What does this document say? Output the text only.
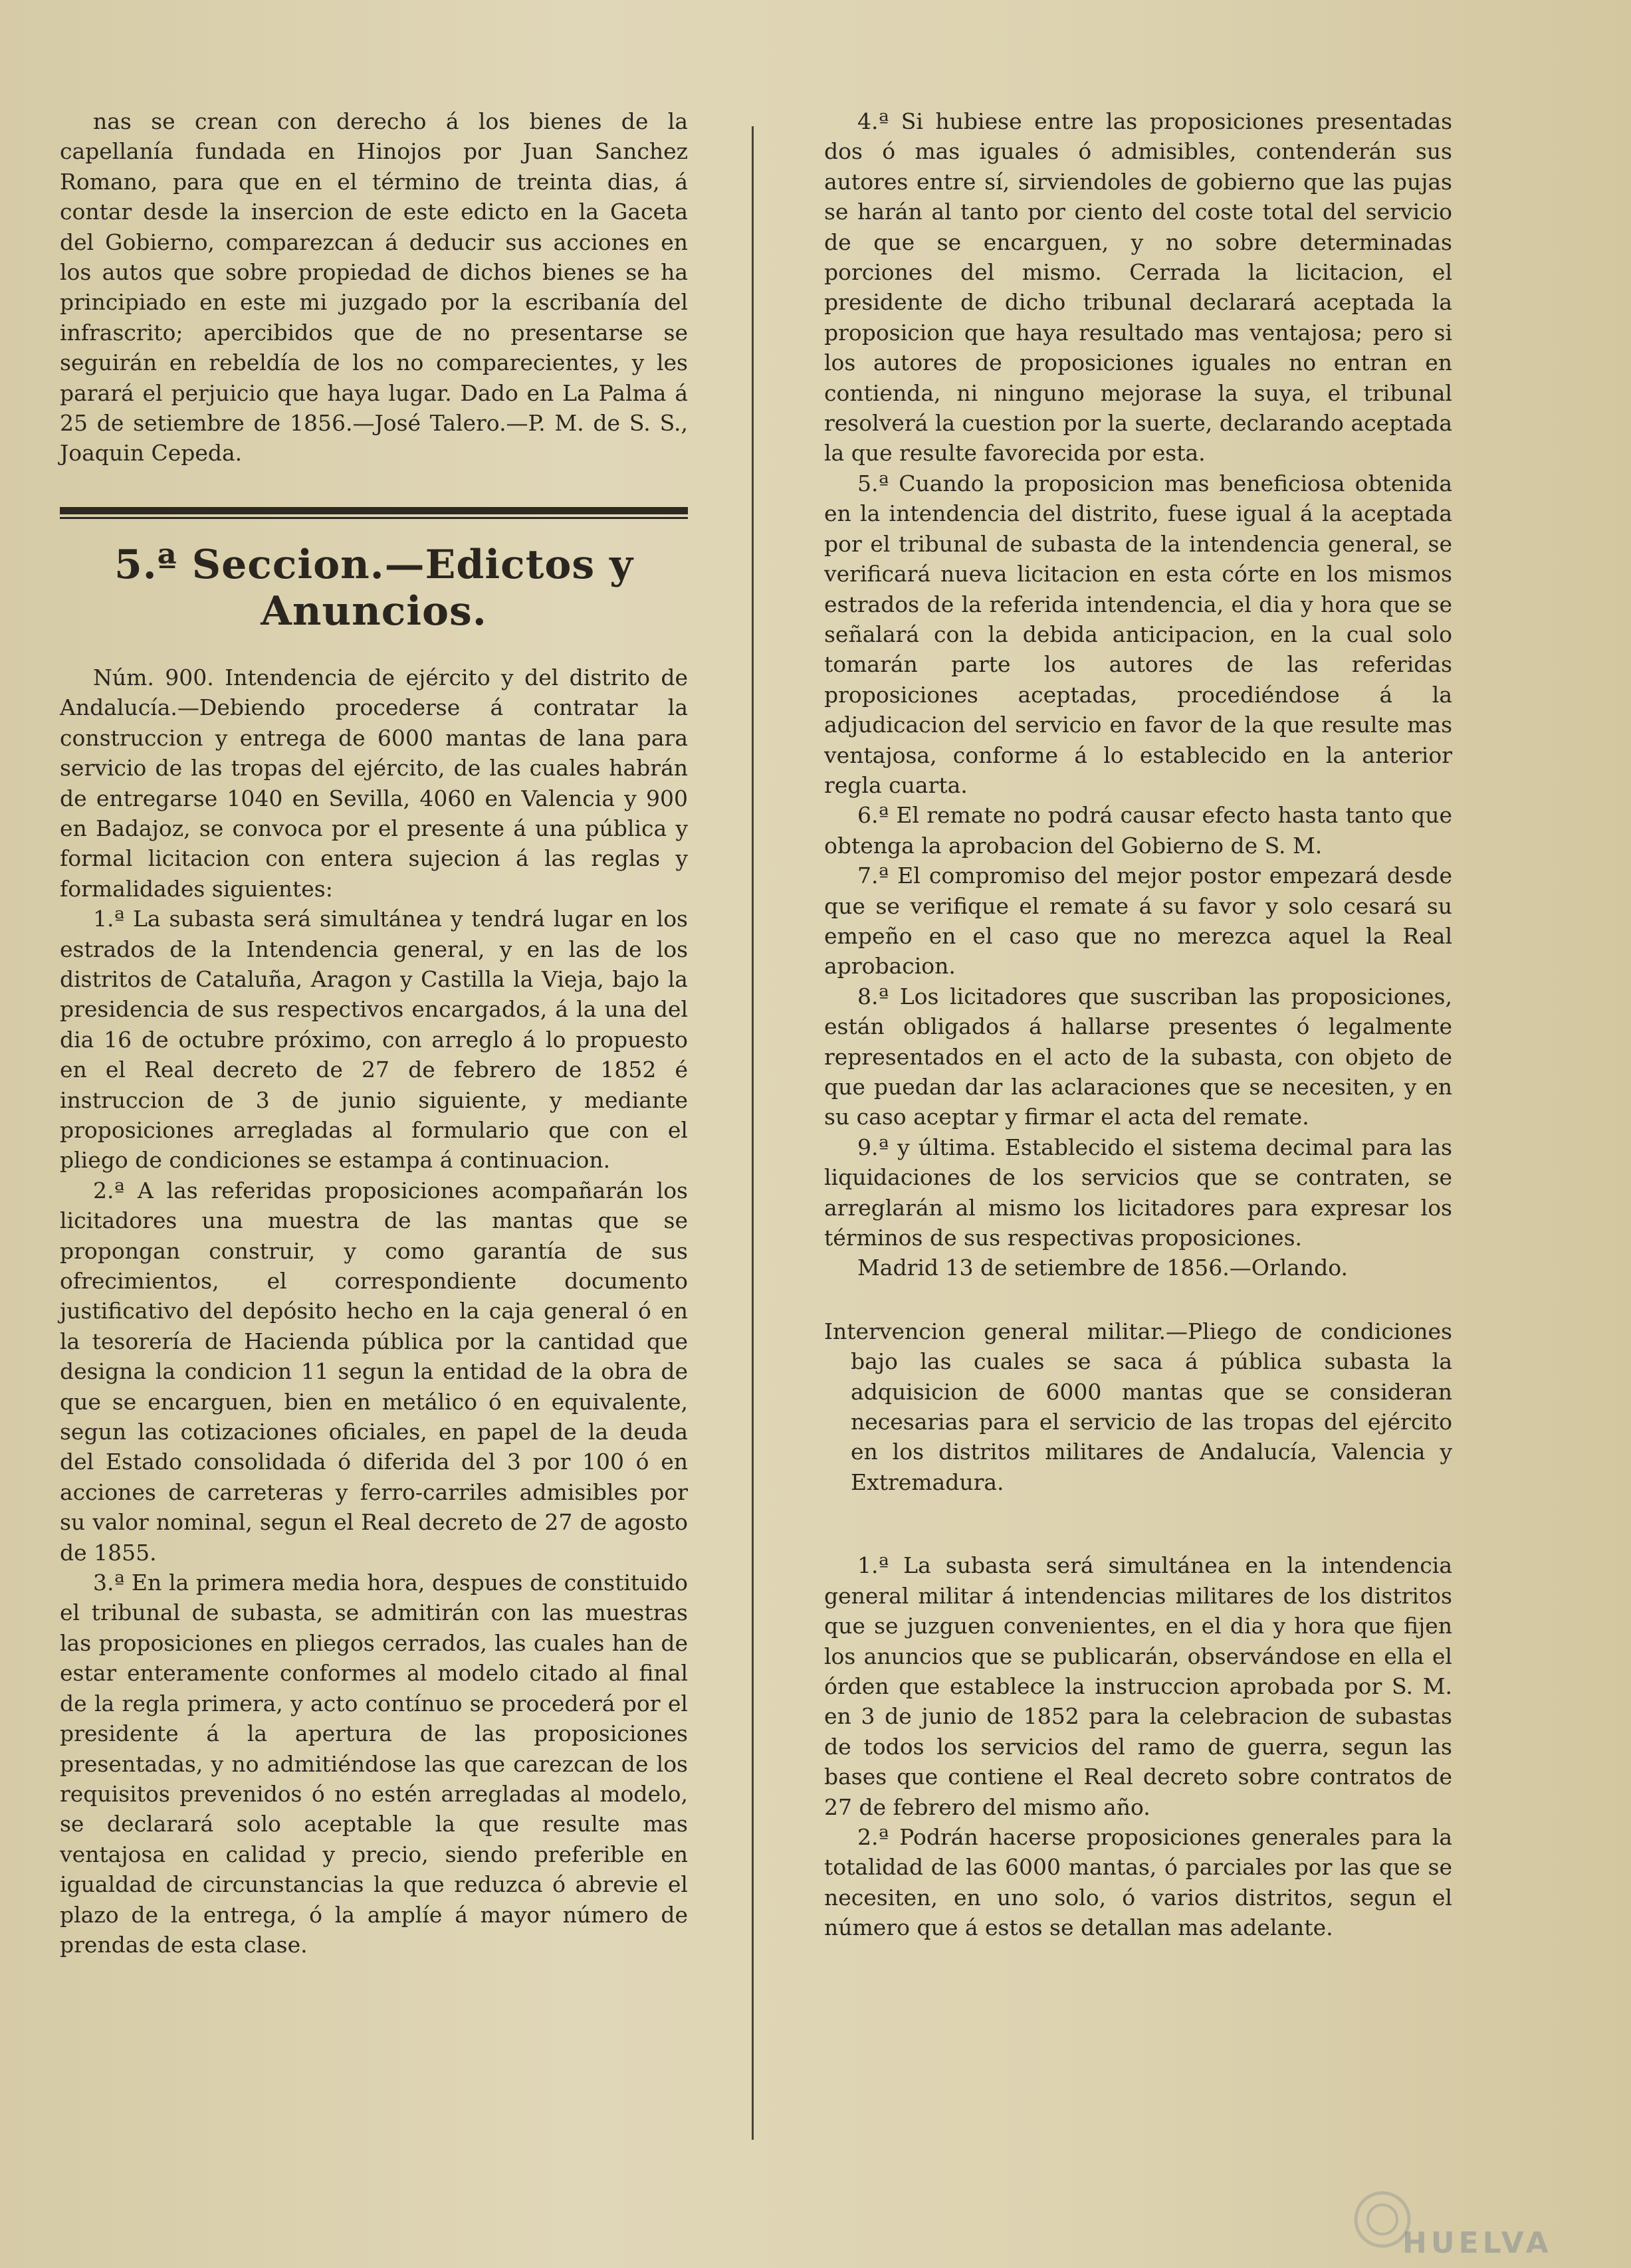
nas se crean con derecho á los bienes de la capellanía fundada en Hinojos por Juan Sanchez Romano, para que en el término de treinta dias, á contar desde la insercion de este edicto en la Gaceta del Gobierno, comparezcan á deducir sus acciones en los autos que sobre propiedad de dichos bienes se ha principiado en este mi juzgado por la escribanía del infrascrito; apercibidos que de no presentarse se seguirán en rebeldía de los no comparecientes, y les parará el perjuicio que haya lugar. Dado en La Palma á 25 de setiembre de 1856.—José Talero.—P. M. de S. S., Joaquin Cepeda.

5.ª Seccion.—Edictos y Anuncios.

Núm. 900. Intendencia de ejército y del distrito de Andalucía.—Debiendo procederse á contratar la construccion y entrega de 6000 mantas de lana para servicio de las tropas del ejército, de las cuales habrán de entregarse 1040 en Sevilla, 4060 en Valencia y 900 en Badajoz, se convoca por el presente á una pública y formal licitacion con entera sujecion á las reglas y formalidades siguientes:

1.ª La subasta será simultánea y tendrá lugar en los estrados de la Intendencia general, y en las de los distritos de Cataluña, Aragon y Castilla la Vieja, bajo la presidencia de sus respectivos encargados, á la una del dia 16 de octubre próximo, con arreglo á lo propuesto en el Real decreto de 27 de febrero de 1852 é instruccion de 3 de junio siguiente, y mediante proposiciones arregladas al formulario que con el pliego de condiciones se estampa á continuacion.

2.ª A las referidas proposiciones acompañarán los licitadores una muestra de las mantas que se propongan construir, y como garantía de sus ofrecimientos, el correspondiente documento justificativo del depósito hecho en la caja general ó en la tesorería de Hacienda pública por la cantidad que designa la condicion 11 segun la entidad de la obra de que se encarguen, bien en metálico ó en equivalente, segun las cotizaciones oficiales, en papel de la deuda del Estado consolidada ó diferida del 3 por 100 ó en acciones de carreteras y ferro-carriles admisibles por su valor nominal, segun el Real decreto de 27 de agosto de 1855.

3.ª En la primera media hora, despues de constituido el tribunal de subasta, se admitirán con las muestras las proposiciones en pliegos cerrados, las cuales han de estar enteramente conformes al modelo citado al final de la regla primera, y acto contínuo se procederá por el presidente á la apertura de las proposiciones presentadas, y no admitiéndose las que carezcan de los requisitos prevenidos ó no estén arregladas al modelo, se declarará solo aceptable la que resulte mas ventajosa en calidad y precio, siendo preferible en igualdad de circunstancias la que reduzca ó abrevie el plazo de la entrega, ó la amplíe á mayor número de prendas de esta clase.

4.ª Si hubiese entre las proposiciones presentadas dos ó mas iguales ó admisibles, contenderán sus autores entre sí, sirviendoles de gobierno que las pujas se harán al tanto por ciento del coste total del servicio de que se encarguen, y no sobre determinadas porciones del mismo. Cerrada la licitacion, el presidente de dicho tribunal declarará aceptada la proposicion que haya resultado mas ventajosa; pero si los autores de proposiciones iguales no entran en contienda, ni ninguno mejorase la suya, el tribunal resolverá la cuestion por la suerte, declarando aceptada la que resulte favorecida por esta.

5.ª Cuando la proposicion mas beneficiosa obtenida en la intendencia del distrito, fuese igual á la aceptada por el tribunal de subasta de la intendencia general, se verificará nueva licitacion en esta córte en los mismos estrados de la referida intendencia, el dia y hora que se señalará con la debida anticipacion, en la cual solo tomarán parte los autores de las referidas proposiciones aceptadas, procediéndose á la adjudicacion del servicio en favor de la que resulte mas ventajosa, conforme á lo establecido en la anterior regla cuarta.

6.ª El remate no podrá causar efecto hasta tanto que obtenga la aprobacion del Gobierno de S. M.

7.ª El compromiso del mejor postor empezará desde que se verifique el remate á su favor y solo cesará su empeño en el caso que no merezca aquel la Real aprobacion.

8.ª Los licitadores que suscriban las proposiciones, están obligados á hallarse presentes ó legalmente representados en el acto de la subasta, con objeto de que puedan dar las aclaraciones que se necesiten, y en su caso aceptar y firmar el acta del remate.

9.ª y última. Establecido el sistema decimal para las liquidaciones de los servicios que se contraten, se arreglarán al mismo los licitadores para expresar los términos de sus respectivas proposiciones.

Madrid 13 de setiembre de 1856.—Orlando.

Intervencion general militar.—Pliego de condiciones bajo las cuales se saca á pública subasta la adquisicion de 6000 mantas que se consideran necesarias para el servicio de las tropas del ejército en los distritos militares de Andalucía, Valencia y Extremadura.

1.ª La subasta será simultánea en la intendencia general militar á intendencias militares de los distritos que se juzguen convenientes, en el dia y hora que fijen los anuncios que se publicarán, observándose en ella el órden que establece la instruccion aprobada por S. M. en 3 de junio de 1852 para la celebracion de subastas de todos los servicios del ramo de guerra, segun las bases que contiene el Real decreto sobre contratos de 27 de febrero del mismo año.

2.ª Podrán hacerse proposiciones generales para la totalidad de las 6000 mantas, ó parciales por las que se necesiten, en uno solo, ó varios distritos, segun el número que á estos se detallan mas adelante.

HUELVA
